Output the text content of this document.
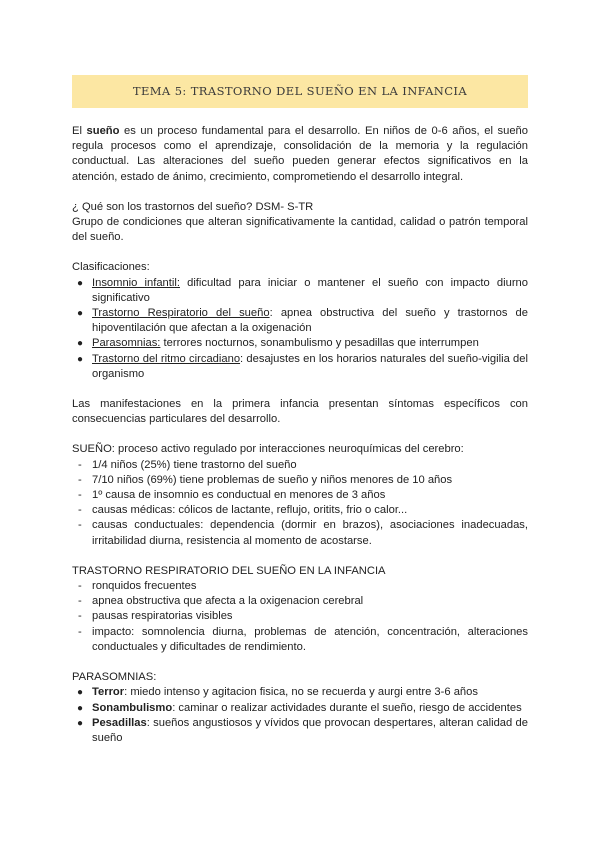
TEMA 5: TRASTORNO DEL SUEÑO EN LA INFANCIA

El sueño es un proceso fundamental para el desarrollo. En niños de 0-6 años, el sueño regula procesos como el aprendizaje, consolidación de la memoria y la regulación conductual. Las alteraciones del sueño pueden generar efectos significativos en la atención, estado de ánimo, crecimiento, comprometiendo el desarrollo integral.

¿ Qué son los trastornos del sueño? DSM- S-TR

Grupo de condiciones que alteran significativamente la cantidad, calidad o patrón temporal del sueño.

Clasificaciones:

● Insomnio infantil: dificultad para iniciar o mantener el sueño con impacto diurno significativo
● Trastorno Respiratorio del sueño: apnea obstructiva del sueño y trastornos de hipoventilación que afectan a la oxigenación
● Parasomnias: terrores nocturnos, sonambulismo y pesadillas que interrumpen
● Trastorno del ritmo circadiano: desajustes en los horarios naturales del sueño-vigilia del organismo

Las manifestaciones en la primera infancia presentan síntomas específicos con consecuencias particulares del desarrollo.

SUEÑO: proceso activo regulado por interacciones neuroquímicas del cerebro:

- 1/4 niños (25%) tiene trastorno del sueño
- 7/10 niños (69%) tiene problemas de sueño y niños menores de 10 años
- 1º causa de insomnio es conductual en menores de 3 años
- causas médicas: cólicos de lactante, reflujo, oritits, frio o calor...
- causas conductuales: dependencia (dormir en brazos), asociaciones inadecuadas, irritabilidad diurna, resistencia al momento de acostarse.

TRASTORNO RESPIRATORIO DEL SUEÑO EN LA INFANCIA

- ronquidos frecuentes
- apnea obstructiva que afecta a la oxigenacion cerebral
- pausas respiratorias visibles
- impacto: somnolencia diurna, problemas de atención, concentración, alteraciones conductuales y dificultades de rendimiento.

PARASOMNIAS:

● Terror: miedo intenso y agitacion fisica, no se recuerda y aurgi entre 3-6 años
● Sonambulismo: caminar o realizar actividades durante el sueño, riesgo de accidentes
● Pesadillas: sueños angustiosos y vívidos que provocan despertares, alteran calidad de sueño
